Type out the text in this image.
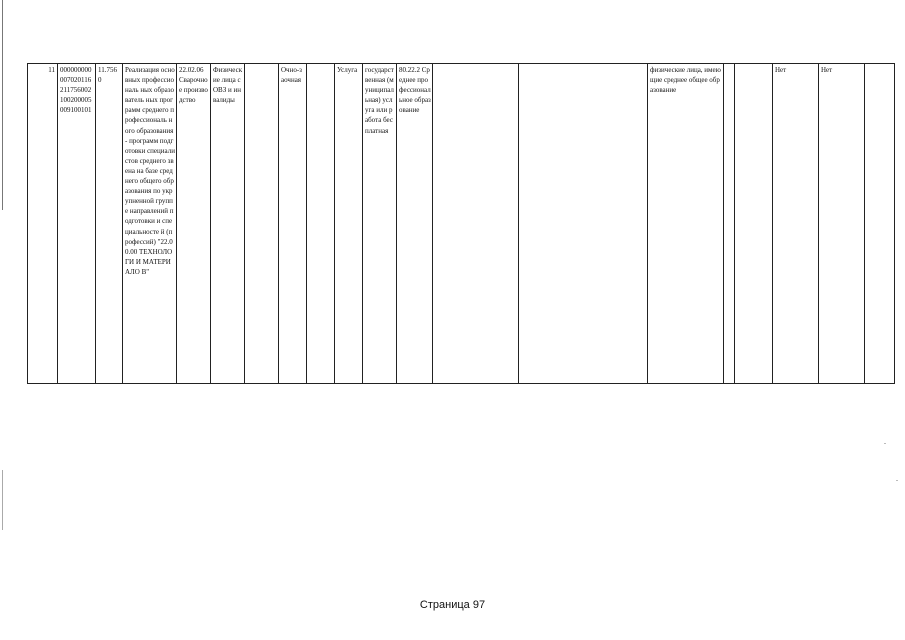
11	000000000 007020116 211756002 100200005 009100101	11.756 0	Реализация основных профессиональ ных образователь ных программ среднего профессиональ ного образования - программ подготовки специалистов среднего звена на базе среднего общего образования по укрупненной группе направлений подготовки и специальносте й (профессий) "22.00.00 ТЕХНОЛОГИ И МАТЕРИАЛО В"	22.02.06 Сварочное производство	Физические лица с ОВЗ и инвалиды		Очно-заочная		Услуга	государственная (муниципальная) услуга или работа бесплатная	80.22.2 Среднее профессиональное образование			физические лица, имеющие среднее общее образование			Нет	Нет	
Страница 97
